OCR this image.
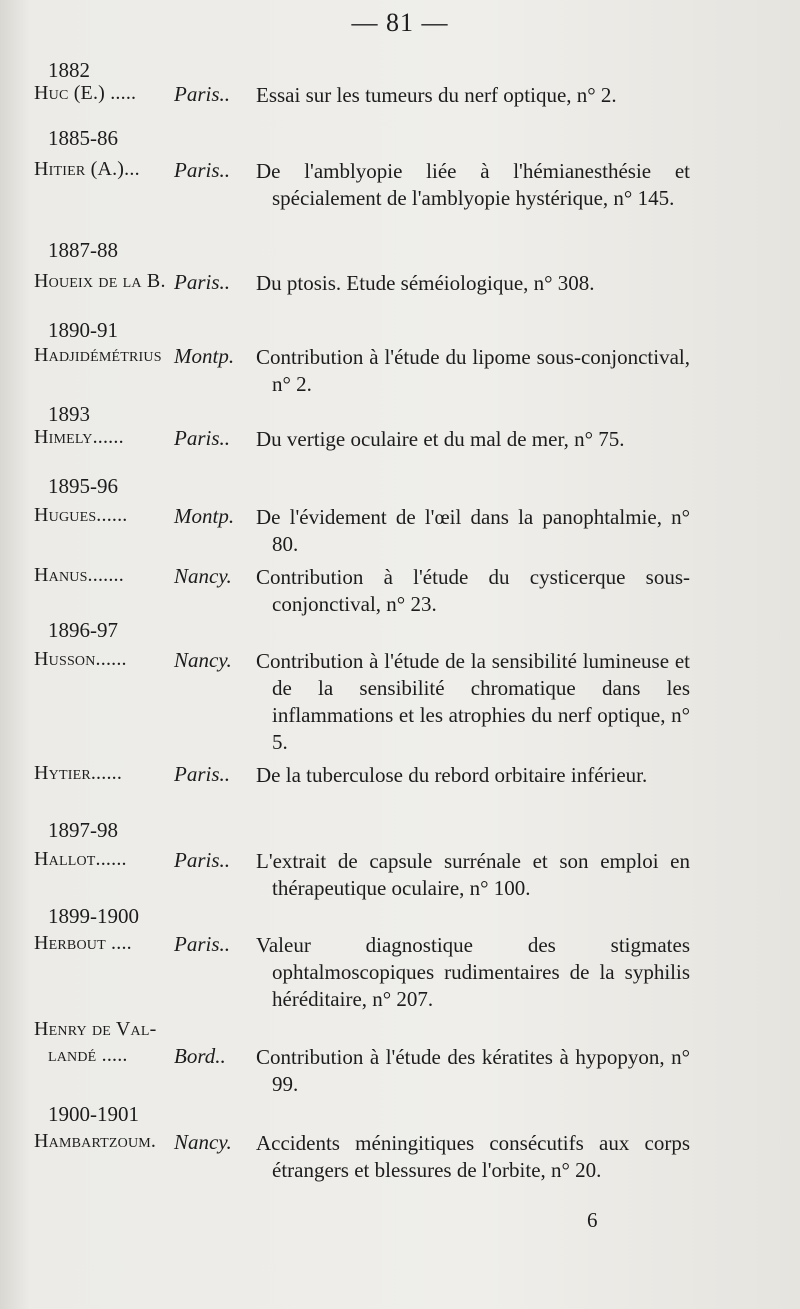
— 81 —
1882
Huc (E.) ..... Paris.. Essai sur les tumeurs du nerf optique, n° 2.
1885-86
Hitier (A.)... Paris.. De l'amblyopie liée à l'hémianesthésie et spécialement de l'amblyopie hystérique, n° 145.
1887-88
Houeix de la B. Paris.. Du ptosis. Etude séméiologique, n° 308.
1890-91
Hadjidémétrius Montp. Contribution à l'étude du lipome sous-conjonctival, n° 2.
1893
Himely...... Paris.. Du vertige oculaire et du mal de mer, n° 75.
1895-96
Hugues...... Montp. De l'évidement de l'œil dans la panophtalmie, n° 80.
Hanus....... Nancy. Contribution à l'étude du cysticerque sous-conjonctival, n° 23.
1896-97
Husson...... Nancy. Contribution à l'étude de la sensibilité lumineuse et de la sensibilité chromatique dans les inflammations et les atrophies du nerf optique, n° 5.
Hytier...... Paris.. De la tuberculose du rebord orbitaire inférieur.
1897-98
Hallot...... Paris.. L'extrait de capsule surrénale et son emploi en thérapeutique oculaire, n° 100.
1899-1900
Herbout .... Paris.. Valeur diagnostique des stigmates ophtalmoscopiques rudimentaires de la syphilis héréditaire, n° 207.
Henry de Val-
landé ..... Bord.. Contribution à l'étude des kératites à hypopyon, n° 99.
1900-1901
Hambartzoum. Nancy. Accidents méningitiques consécutifs aux corps étrangers et blessures de l'orbite, n° 20.
6
